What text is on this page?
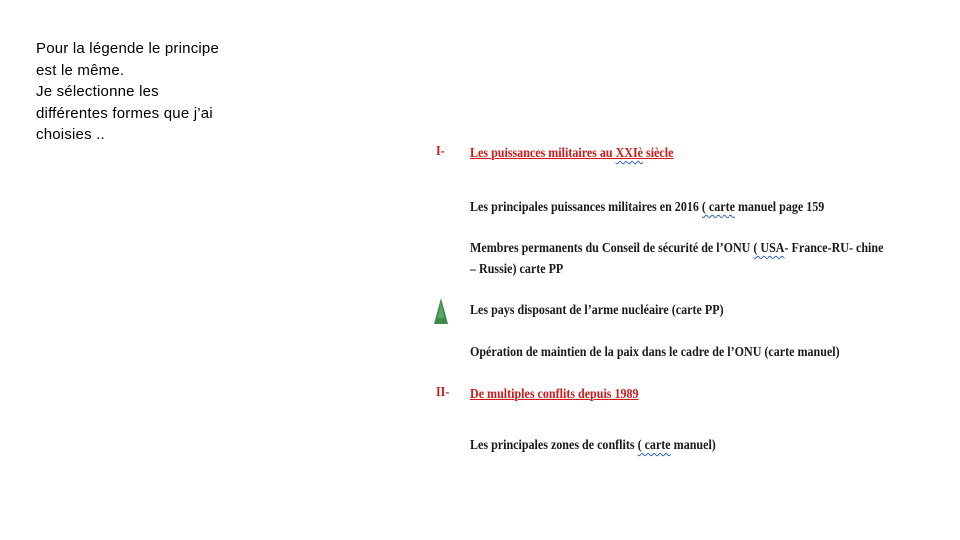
Pour la légende le principe
est le même.
Je sélectionne les
différentes formes que j’ai
choisies ..
I- Les puissances militaires au XXIè siècle
Les principales puissances militaires en 2016 ( carte manuel page 159
Membres permanents du Conseil de sécurité de l’ONU ( USA- France-RU- chine
– Russie) carte PP
Les pays disposant de l’arme nucléaire (carte PP)
Opération de maintien de la paix dans le cadre de l’ONU (carte manuel)
II- De multiples conflits depuis 1989
Les principales zones de conflits ( carte manuel)
